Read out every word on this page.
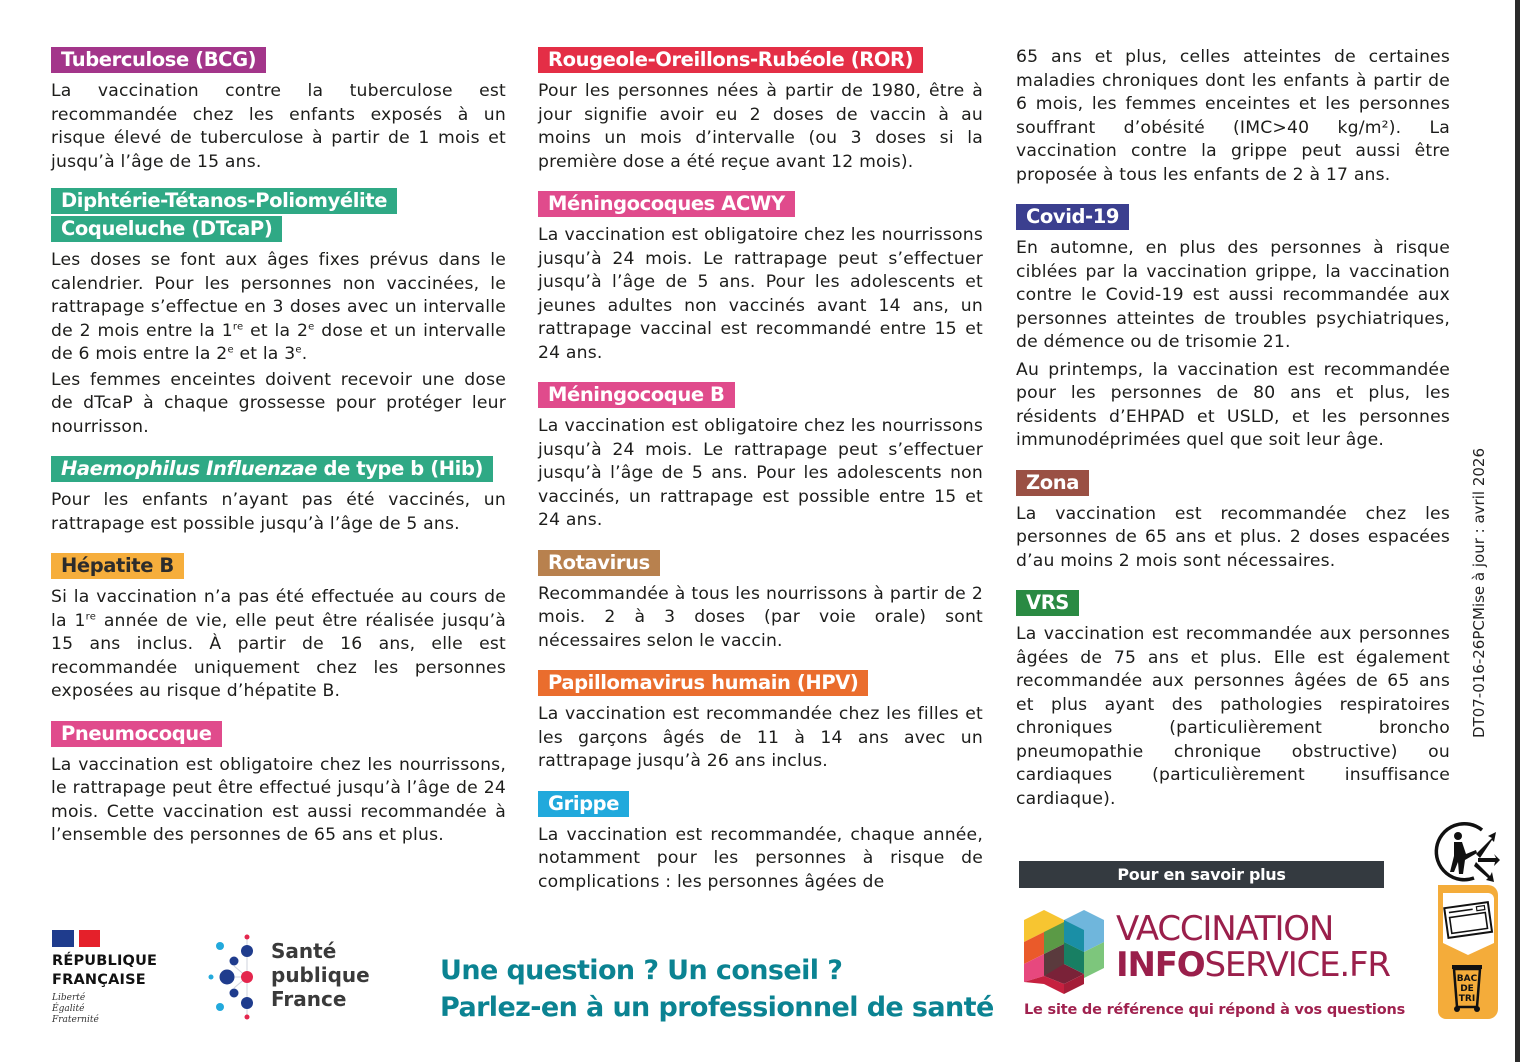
Tuberculose (BCG)

La vaccination contre la tuberculose est recommandée chez les enfants exposés à un risque élevé de tuberculose à partir de 1 mois et jusqu’à l’âge de 15 ans.

Diphtérie-Tétanos-Poliomyélite
Coqueluche (DTcaP)

Les doses se font aux âges fixes prévus dans le calendrier. Pour les personnes non vaccinées, le rattrapage s’effectue en 3 doses avec un intervalle de 2 mois entre la 1re et la 2e dose et un intervalle de 6 mois entre la 2e et la 3e.

Les femmes enceintes doivent recevoir une dose de dTcaP à chaque grossesse pour protéger leur nourrisson.

Haemophilus Influenzae de type b (Hib)

Pour les enfants n’ayant pas été vaccinés, un rattrapage est possible jusqu’à l’âge de 5 ans.

Hépatite B

Si la vaccination n’a pas été effectuée au cours de la 1re année de vie, elle peut être réalisée jusqu’à 15 ans inclus. À partir de 16 ans, elle est recommandée uniquement chez les personnes exposées au risque d’hépatite B.

Pneumocoque

La vaccination est obligatoire chez les nourrissons, le rattrapage peut être effectué jusqu’à l’âge de 24 mois. Cette vaccination est aussi recommandée à l’ensemble des personnes de 65 ans et plus.

Rougeole-Oreillons-Rubéole (ROR)

Pour les personnes nées à partir de 1980, être à jour signifie avoir eu 2 doses de vaccin à au moins un mois d’intervalle (ou 3 doses si la première dose a été reçue avant 12 mois).

Méningocoques ACWY

La vaccination est obligatoire chez les nourrissons jusqu’à 24 mois. Le rattrapage peut s’effectuer jusqu’à l’âge de 5 ans. Pour les adolescents et jeunes adultes non vaccinés avant 14 ans, un rattrapage vaccinal est recommandé entre 15 et 24 ans.

Méningocoque B

La vaccination est obligatoire chez les nourrissons jusqu’à 24 mois. Le rattrapage peut s’effectuer jusqu’à l’âge de 5 ans. Pour les adolescents non vaccinés, un rattrapage est possible entre 15 et 24 ans.

Rotavirus

Recommandée à tous les nourrissons à partir de 2 mois. 2 à 3 doses (par voie orale) sont nécessaires selon le vaccin.

Papillomavirus humain (HPV)

La vaccination est recommandée chez les filles et les garçons âgés de 11 à 14 ans avec un rattrapage jusqu’à 26 ans inclus.

Grippe

La vaccination est recommandée, chaque année, notamment pour les personnes à risque de complications : les personnes âgées de

65 ans et plus, celles atteintes de certaines maladies chroniques dont les enfants à partir de 6 mois, les femmes enceintes et les personnes souffrant d’obésité (IMC>40 kg/m²). La vaccination contre la grippe peut aussi être proposée à tous les enfants de 2 à 17 ans.

Covid-19

En automne, en plus des personnes à risque ciblées par la vaccination grippe, la vaccination contre le Covid-19 est aussi recommandée aux personnes atteintes de troubles psychiatriques, de démence ou de trisomie 21.

Au printemps, la vaccination est recommandée pour les personnes de 80 ans et plus, les résidents d’EHPAD et USLD, et les personnes immunodéprimées quel que soit leur âge.

Zona

La vaccination est recommandée chez les personnes de 65 ans et plus. 2 doses espacées d’au moins 2 mois sont nécessaires.

VRS

La vaccination est recommandée aux personnes âgées de 75 ans et plus. Elle est également recommandée aux personnes âgées de 65 ans et plus ayant des pathologies respiratoires chroniques (particulièrement broncho pneumopathie chronique obstructive) ou cardiaques (particulièrement insuffisance cardiaque).

Mise à jour : avril 2026
DT07-016-26PC
RÉPUBLIQUE
FRANÇAISE
Liberté
Égalité
Fraternité
Santé
publique
France
Une question ? Un conseil ?
Parlez-en à un professionnel de santé
Pour en savoir plus
VACCINATION
INFOSERVICE.FR
Le site de référence qui répond à vos questions
BAC
DE
TRI
